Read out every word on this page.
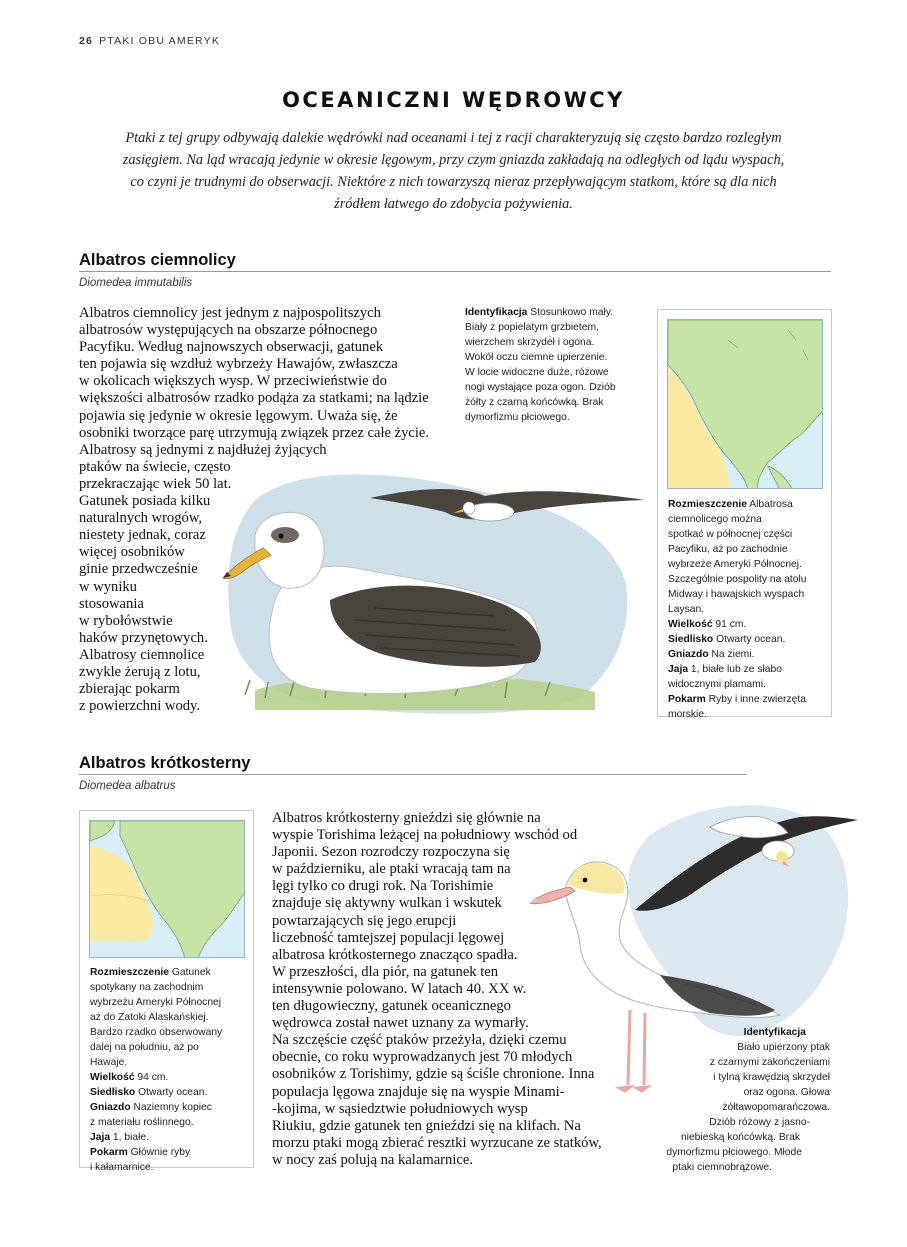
26 PTAKI OBU AMERYK
OCEANICZNI WĘDROWCY
Ptaki z tej grupy odbywają dalekie wędrówki nad oceanami i tej z racji charakteryzują się często bardzo rozległym
zasięgiem. Na ląd wracają jedynie w okresie lęgowym, przy czym gniazda zakładają na odległych od lądu wyspach,
co czyni je trudnymi do obserwacji. Niektóre z nich towarzyszą nieraz przepływającym statkom, które są dla nich
źródłem łatwego do zdobycia pożywienia.
Albatros ciemnolicy
Diomedea immutabilis
Albatros ciemnolicy jest jednym z najpospolitszych
albatrosów występujących na obszarze północnego
Pacyfiku. Według najnowszych obserwacji, gatunek
ten pojawia się wzdłuż wybrzeży Hawajów, zwłaszcza
w okolicach większych wysp. W przeciwieństwie do
większości albatrosów rzadko podąża za statkami; na lądzie
pojawia się jedynie w okresie lęgowym. Uważa się, że
osobniki tworzące parę utrzymują związek przez całe życie.
Albatrosy są jednymi z najdłużej żyjących
ptaków na świecie, często
przekraczając wiek 50 lat.
Gatunek posiada kilku
naturalnych wrogów,
niestety jednak, coraz
więcej osobników
ginie przedwcześnie
w wyniku
stosowania
w rybołówstwie
haków przynętowych.
Albatrosy ciemnolice
zwykle żerują z lotu,
zbierając pokarm
z powierzchni wody.
Identyfikacja Stosunkowo mały.
Biały z popielatym grzbietem,
wierzchem skrzydeł i ogona.
Wokół oczu ciemne upierzenie.
W locie widoczne duże, różowe
nogi wystające poza ogon. Dziób
żółty z czarną końcówką. Brak
dymorfizmu płciowego.
Rozmieszczenie Albatrosa
ciemnolicego można
spotkać w północnej części
Pacyfiku, aż po zachodnie
wybrzeże Ameryki Północnej.
Szczególnie pospolity na atolu
Midway i hawajskich wyspach
Laysan.
Wielkość 91 cm.
Siedlisko Otwarty ocean.
Gniazdo Na ziemi.
Jaja 1, białe lub ze słabo
widocznymi plamami.
Pokarm Ryby i inne zwierzęta
morskie.
Albatros krótkosterny
Diomedea albatrus
Rozmieszczenie Gatunek
spotykany na zachodnim
wybrzeżu Ameryki Północnej
aż do Zatoki Alaskańskiej.
Bardzo rzadko obserwowany
dalej na południu, aż po
Hawaje.
Wielkość 94 cm.
Siedlisko Otwarty ocean.
Gniazdo Naziemny kopiec
z materiału roślinnego.
Jaja 1, białe.
Pokarm Głównie ryby
i kałamarnice.
Albatros krótkosterny gnieździ się głównie na
wyspie Torishima leżącej na południowy wschód od
Japonii. Sezon rozrodczy rozpoczyna się
w październiku, ale ptaki wracają tam na
lęgi tylko co drugi rok. Na Torishimie
znajduje się aktywny wulkan i wskutek
powtarzających się jego erupcji
liczebność tamtejszej populacji lęgowej
albatrosa krótkosternego znacząco spadła.
W przeszłości, dla piór, na gatunek ten
intensywnie polowano. W latach 40. XX w.
ten długowieczny, gatunek oceanicznego
wędrowca został nawet uznany za wymarły.
Na szczęście część ptaków przeżyła, dzięki czemu
obecnie, co roku wyprowadzanych jest 70 młodych
osobników z Torishimy, gdzie są ściśle chronione. Inna
populacja lęgowa znajduje się na wyspie Minami-
-kojima, w sąsiedztwie południowych wysp
Riukiu, gdzie gatunek ten gnieździ się na klifach. Na
morzu ptaki mogą zbierać resztki wyrzucane ze statków,
w nocy zaś polują na kalamarnice.
Identyfikacja
Biało upierzony ptak
z czarnymi zakończeniami
i tylną krawędzią skrzydeł
oraz ogona. Głowa
żółtawopomarańczowa.
Dziób różowy z jasno-
niebieską końcówką. Brak
dymorfizmu płciowego. Młode
ptaki ciemnobrązowe.
